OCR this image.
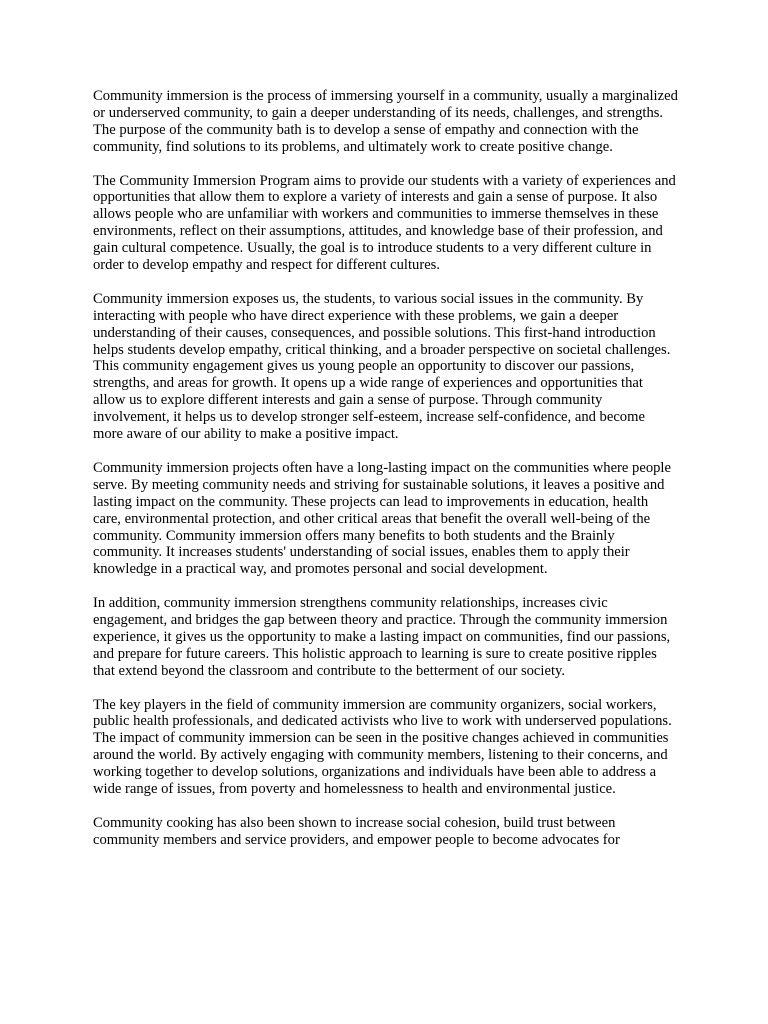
Community immersion is the process of immersing yourself in a community, usually a marginalized or underserved community, to gain a deeper understanding of its needs, challenges, and strengths. The purpose of the community bath is to develop a sense of empathy and connection with the community, find solutions to its problems, and ultimately work to create positive change.

The Community Immersion Program aims to provide our students with a variety of experiences and opportunities that allow them to explore a variety of interests and gain a sense of purpose. It also allows people who are unfamiliar with workers and communities to immerse themselves in these environments, reflect on their assumptions, attitudes, and knowledge base of their profession, and gain cultural competence. Usually, the goal is to introduce students to a very different culture in order to develop empathy and respect for different cultures.

Community immersion exposes us, the students, to various social issues in the community. By interacting with people who have direct experience with these problems, we gain a deeper understanding of their causes, consequences, and possible solutions. This first-hand introduction helps students develop empathy, critical thinking, and a broader perspective on societal challenges. This community engagement gives us young people an opportunity to discover our passions, strengths, and areas for growth. It opens up a wide range of experiences and opportunities that allow us to explore different interests and gain a sense of purpose. Through community involvement, it helps us to develop stronger self-esteem, increase self-confidence, and become more aware of our ability to make a positive impact.

Community immersion projects often have a long-lasting impact on the communities where people serve. By meeting community needs and striving for sustainable solutions, it leaves a positive and lasting impact on the community. These projects can lead to improvements in education, health care, environmental protection, and other critical areas that benefit the overall well-being of the community. Community immersion offers many benefits to both students and the Brainly community. It increases students' understanding of social issues, enables them to apply their knowledge in a practical way, and promotes personal and social development.

In addition, community immersion strengthens community relationships, increases civic engagement, and bridges the gap between theory and practice. Through the community immersion experience, it gives us the opportunity to make a lasting impact on communities, find our passions, and prepare for future careers. This holistic approach to learning is sure to create positive ripples that extend beyond the classroom and contribute to the betterment of our society.

The key players in the field of community immersion are community organizers, social workers, public health professionals, and dedicated activists who live to work with underserved populations. The impact of community immersion can be seen in the positive changes achieved in communities around the world. By actively engaging with community members, listening to their concerns, and working together to develop solutions, organizations and individuals have been able to address a wide range of issues, from poverty and homelessness to health and environmental justice.

Community cooking has also been shown to increase social cohesion, build trust between community members and service providers, and empower people to become advocates for
